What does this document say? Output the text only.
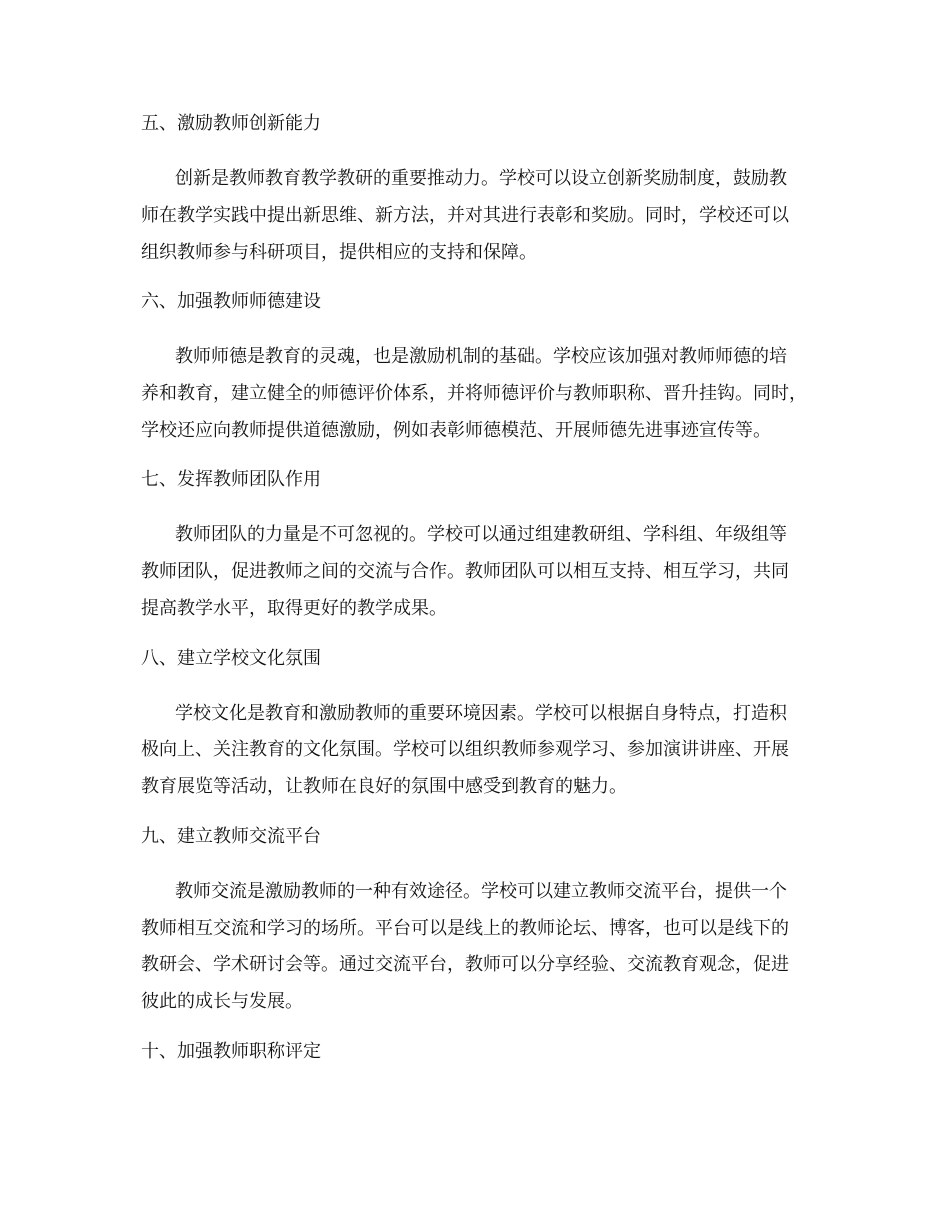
五、激励教师创新能力

创新是教师教育教学教研的重要推动力。学校可以设立创新奖励制度，鼓励教

师在教学实践中提出新思维、新方法，并对其进行表彰和奖励。同时，学校还可以

组织教师参与科研项目，提供相应的支持和保障。

六、加强教师师德建设

教师师德是教育的灵魂，也是激励机制的基础。学校应该加强对教师师德的培

养和教育，建立健全的师德评价体系，并将师德评价与教师职称、晋升挂钩。同时，

学校还应向教师提供道德激励，例如表彰师德模范、开展师德先进事迹宣传等。

七、发挥教师团队作用

教师团队的力量是不可忽视的。学校可以通过组建教研组、学科组、年级组等

教师团队，促进教师之间的交流与合作。教师团队可以相互支持、相互学习，共同

提高教学水平，取得更好的教学成果。

八、建立学校文化氛围

学校文化是教育和激励教师的重要环境因素。学校可以根据自身特点，打造积

极向上、关注教育的文化氛围。学校可以组织教师参观学习、参加演讲讲座、开展

教育展览等活动，让教师在良好的氛围中感受到教育的魅力。

九、建立教师交流平台

教师交流是激励教师的一种有效途径。学校可以建立教师交流平台，提供一个

教师相互交流和学习的场所。平台可以是线上的教师论坛、博客，也可以是线下的

教研会、学术研讨会等。通过交流平台，教师可以分享经验、交流教育观念，促进

彼此的成长与发展。

十、加强教师职称评定
